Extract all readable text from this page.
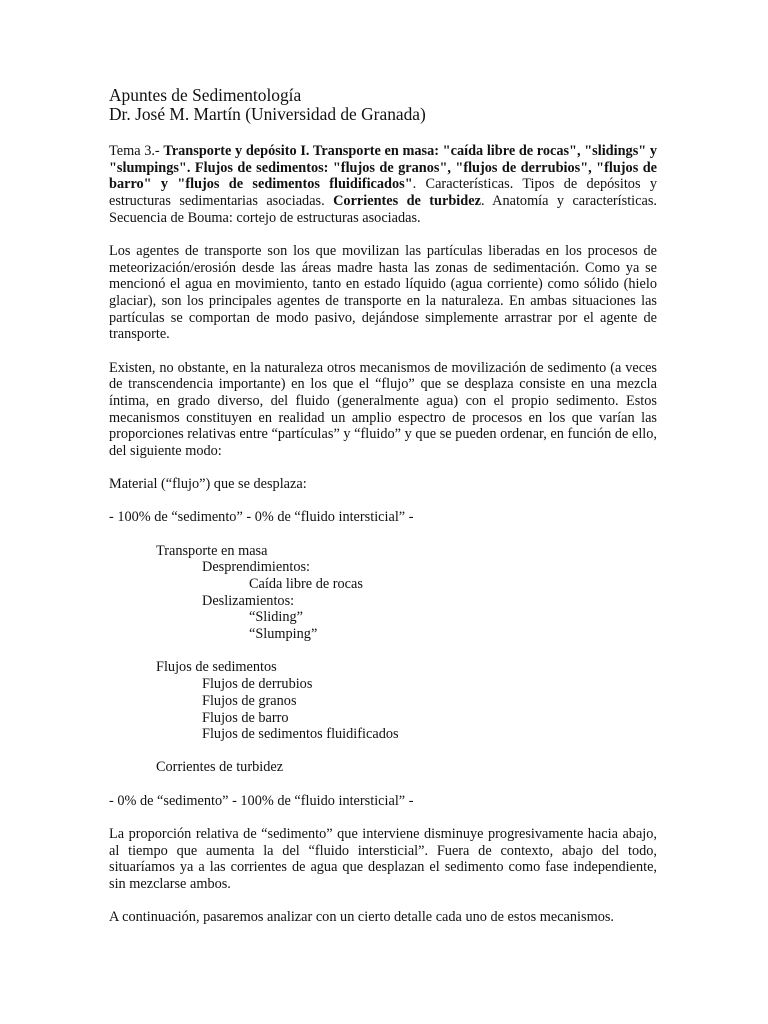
Apuntes de Sedimentología
Dr. José M. Martín (Universidad de Granada)
Tema 3.- Transporte y depósito I. Transporte en masa: "caída libre de rocas", "slidings" y "slumpings". Flujos de sedimentos: "flujos de granos", "flujos de derrubios", "flujos de barro" y "flujos de sedimentos fluidificados". Características. Tipos de depósitos y estructuras sedimentarias asociadas. Corrientes de turbidez. Anatomía y características. Secuencia de Bouma: cortejo de estructuras asociadas.
Los agentes de transporte son los que movilizan las partículas liberadas en los procesos de meteorización/erosión desde las áreas madre hasta las zonas de sedimentación. Como ya se mencionó el agua en movimiento, tanto en estado líquido (agua corriente) como sólido (hielo glaciar), son los principales agentes de transporte en la naturaleza. En ambas situaciones las partículas se comportan de modo pasivo, dejándose simplemente arrastrar por el agente de transporte.
Existen, no obstante, en la naturaleza otros mecanismos de movilización de sedimento (a veces de transcendencia importante) en los que el “flujo” que se desplaza consiste en una mezcla íntima, en grado diverso, del fluido (generalmente agua) con el propio sedimento. Estos mecanismos constituyen en realidad un amplio espectro de procesos en los que varían las proporciones relativas entre “partículas” y “fluido” y que se pueden ordenar, en función de ello, del siguiente modo:
Material (“flujo”) que se desplaza:
- 100% de “sedimento” - 0% de “fluido intersticial” -
Transporte en masa
Desprendimientos:
Caída libre de rocas
Deslizamientos:
“Sliding”
“Slumping”
Flujos de sedimentos
Flujos de derrubios
Flujos de granos
Flujos de barro
Flujos de sedimentos fluidificados
Corrientes de turbidez
- 0% de “sedimento” - 100% de “fluido intersticial” -
La proporción relativa de “sedimento” que interviene disminuye progresivamente hacia abajo, al tiempo que aumenta la del “fluido intersticial”. Fuera de contexto, abajo del todo, situaríamos ya a las corrientes de agua que desplazan el sedimento como fase independiente, sin mezclarse ambos.
A continuación, pasaremos analizar con un cierto detalle cada uno de estos mecanismos.
